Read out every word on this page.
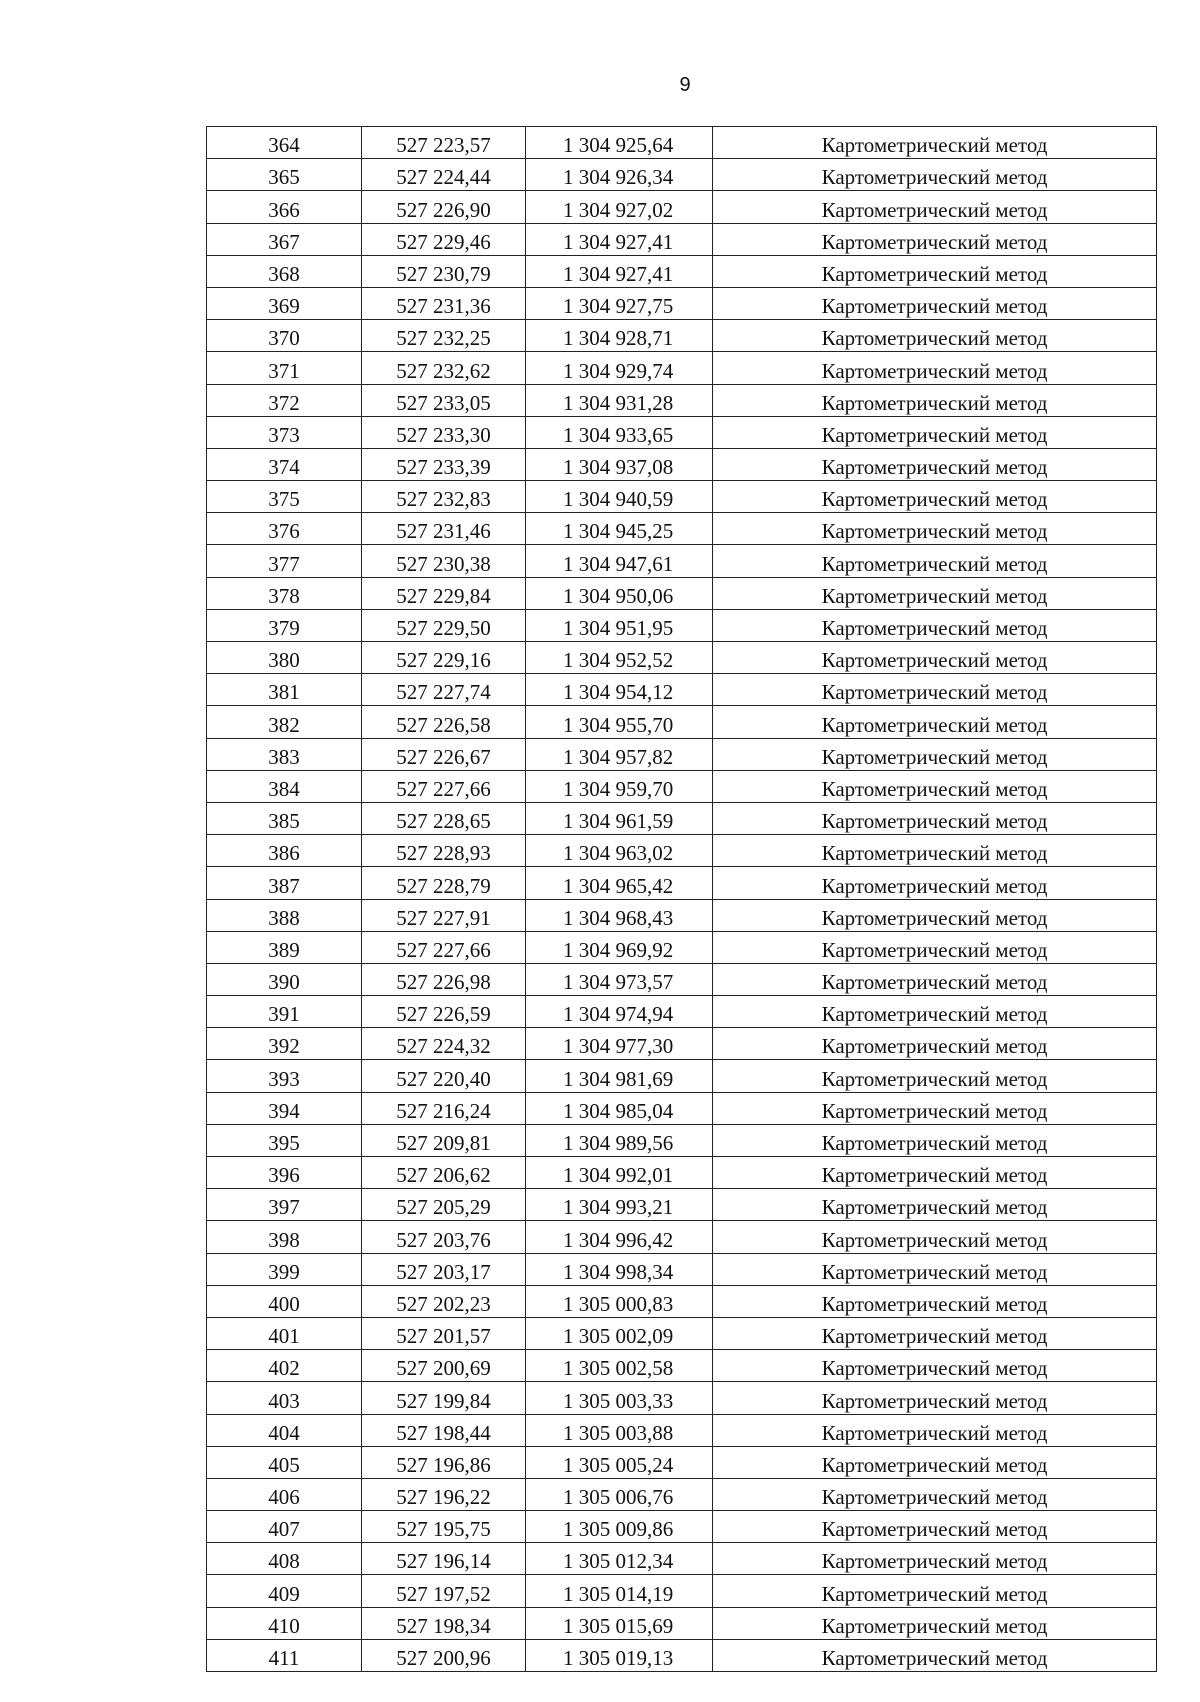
9
364	527 223,57	1 304 925,64	Картометрический метод
365	527 224,44	1 304 926,34	Картометрический метод
366	527 226,90	1 304 927,02	Картометрический метод
367	527 229,46	1 304 927,41	Картометрический метод
368	527 230,79	1 304 927,41	Картометрический метод
369	527 231,36	1 304 927,75	Картометрический метод
370	527 232,25	1 304 928,71	Картометрический метод
371	527 232,62	1 304 929,74	Картометрический метод
372	527 233,05	1 304 931,28	Картометрический метод
373	527 233,30	1 304 933,65	Картометрический метод
374	527 233,39	1 304 937,08	Картометрический метод
375	527 232,83	1 304 940,59	Картометрический метод
376	527 231,46	1 304 945,25	Картометрический метод
377	527 230,38	1 304 947,61	Картометрический метод
378	527 229,84	1 304 950,06	Картометрический метод
379	527 229,50	1 304 951,95	Картометрический метод
380	527 229,16	1 304 952,52	Картометрический метод
381	527 227,74	1 304 954,12	Картометрический метод
382	527 226,58	1 304 955,70	Картометрический метод
383	527 226,67	1 304 957,82	Картометрический метод
384	527 227,66	1 304 959,70	Картометрический метод
385	527 228,65	1 304 961,59	Картометрический метод
386	527 228,93	1 304 963,02	Картометрический метод
387	527 228,79	1 304 965,42	Картометрический метод
388	527 227,91	1 304 968,43	Картометрический метод
389	527 227,66	1 304 969,92	Картометрический метод
390	527 226,98	1 304 973,57	Картометрический метод
391	527 226,59	1 304 974,94	Картометрический метод
392	527 224,32	1 304 977,30	Картометрический метод
393	527 220,40	1 304 981,69	Картометрический метод
394	527 216,24	1 304 985,04	Картометрический метод
395	527 209,81	1 304 989,56	Картометрический метод
396	527 206,62	1 304 992,01	Картометрический метод
397	527 205,29	1 304 993,21	Картометрический метод
398	527 203,76	1 304 996,42	Картометрический метод
399	527 203,17	1 304 998,34	Картометрический метод
400	527 202,23	1 305 000,83	Картометрический метод
401	527 201,57	1 305 002,09	Картометрический метод
402	527 200,69	1 305 002,58	Картометрический метод
403	527 199,84	1 305 003,33	Картометрический метод
404	527 198,44	1 305 003,88	Картометрический метод
405	527 196,86	1 305 005,24	Картометрический метод
406	527 196,22	1 305 006,76	Картометрический метод
407	527 195,75	1 305 009,86	Картометрический метод
408	527 196,14	1 305 012,34	Картометрический метод
409	527 197,52	1 305 014,19	Картометрический метод
410	527 198,34	1 305 015,69	Картометрический метод
411	527 200,96	1 305 019,13	Картометрический метод
